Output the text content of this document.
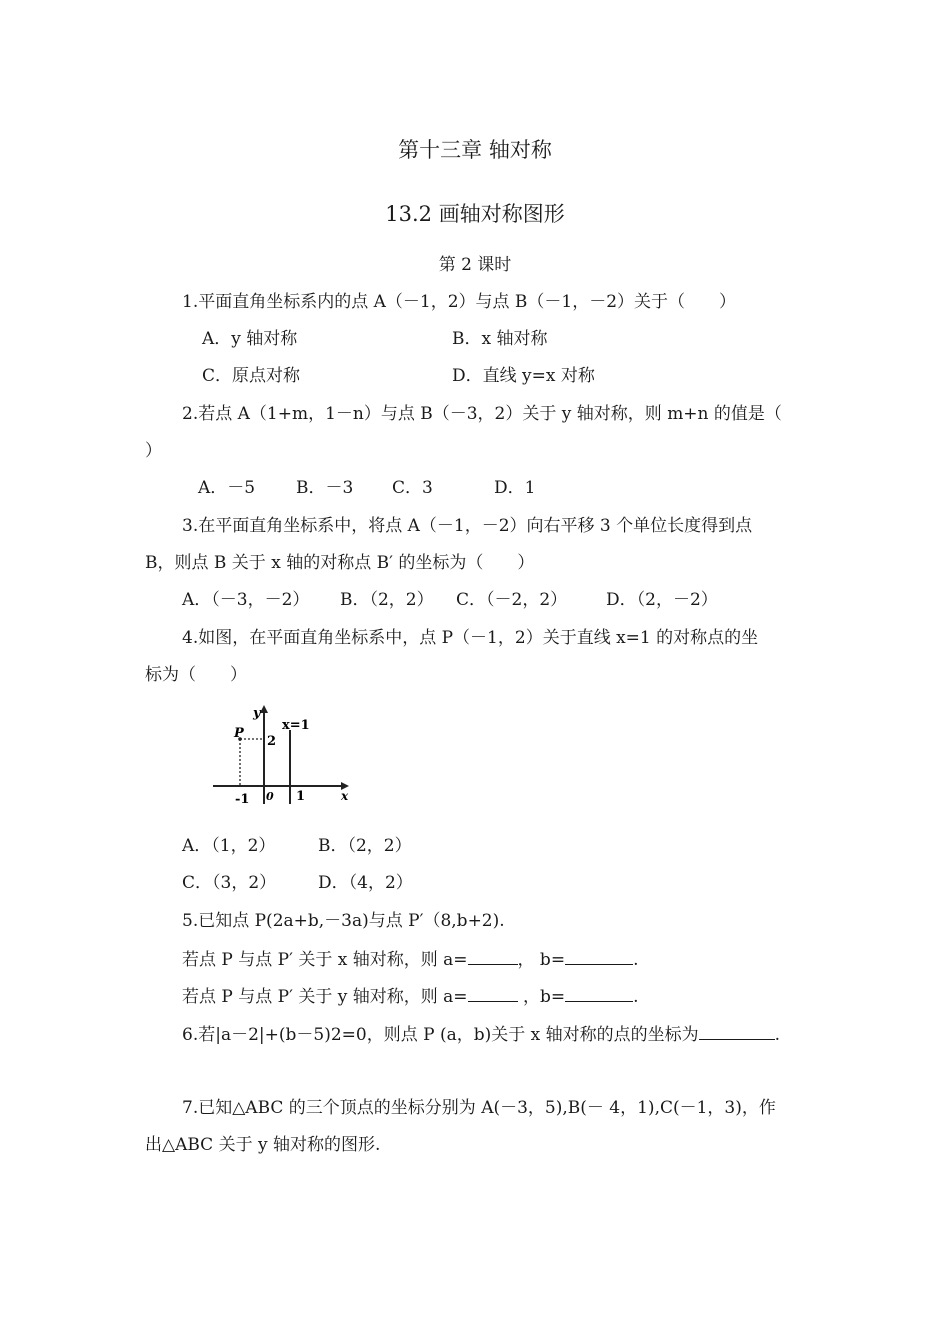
第十三章 轴对称
13.2 画轴对称图形
第 2 课时
1.平面直角坐标系内的点 A（－1，2）与点 B（－1，－2）关于（　　）
A．y 轴对称	B．x 轴对称
C．原点对称	D．直线 y=x 对称
2.若点 A（1+m，1－n）与点 B（－3，2）关于 y 轴对称，则 m+n 的值是（
）
A．－5 B．－3 C．3	D．1
3.在平面直角坐标系中，将点 A（－1，－2）向右平移 3 个单位长度得到点
B，则点 B 关于 x 轴的对称点 B′ 的坐标为（　　）
A．（－3，－2） B．（2，2） C．（－2，2） D．（2，－2）
4.如图，在平面直角坐标系中，点 P（－1，2）关于直线 x=1 的对称点的坐
标为（　　）
y
x
x=1
P
2
-1 0 1
A．（1，2）	B．（2，2）
C．（3，2） D．（4，2）
5.已知点 P(2a+b,－3a)与点 P′（8,b+2).
若点 P 与点 P′ 关于 x 轴对称，则 a=	， b=	.
若点 P 与点 P′ 关于 y 轴对称，则 a=	，b=	.
6.若|a－2|+(b－5)2=0，则点 P (a，b)关于 x 轴对称的点的坐标为	.
7.已知△ABC 的三个顶点的坐标分别为 A(－3，5),B(－ 4，1),C(－1，3)，作
出△ABC 关于 y 轴对称的图形.
